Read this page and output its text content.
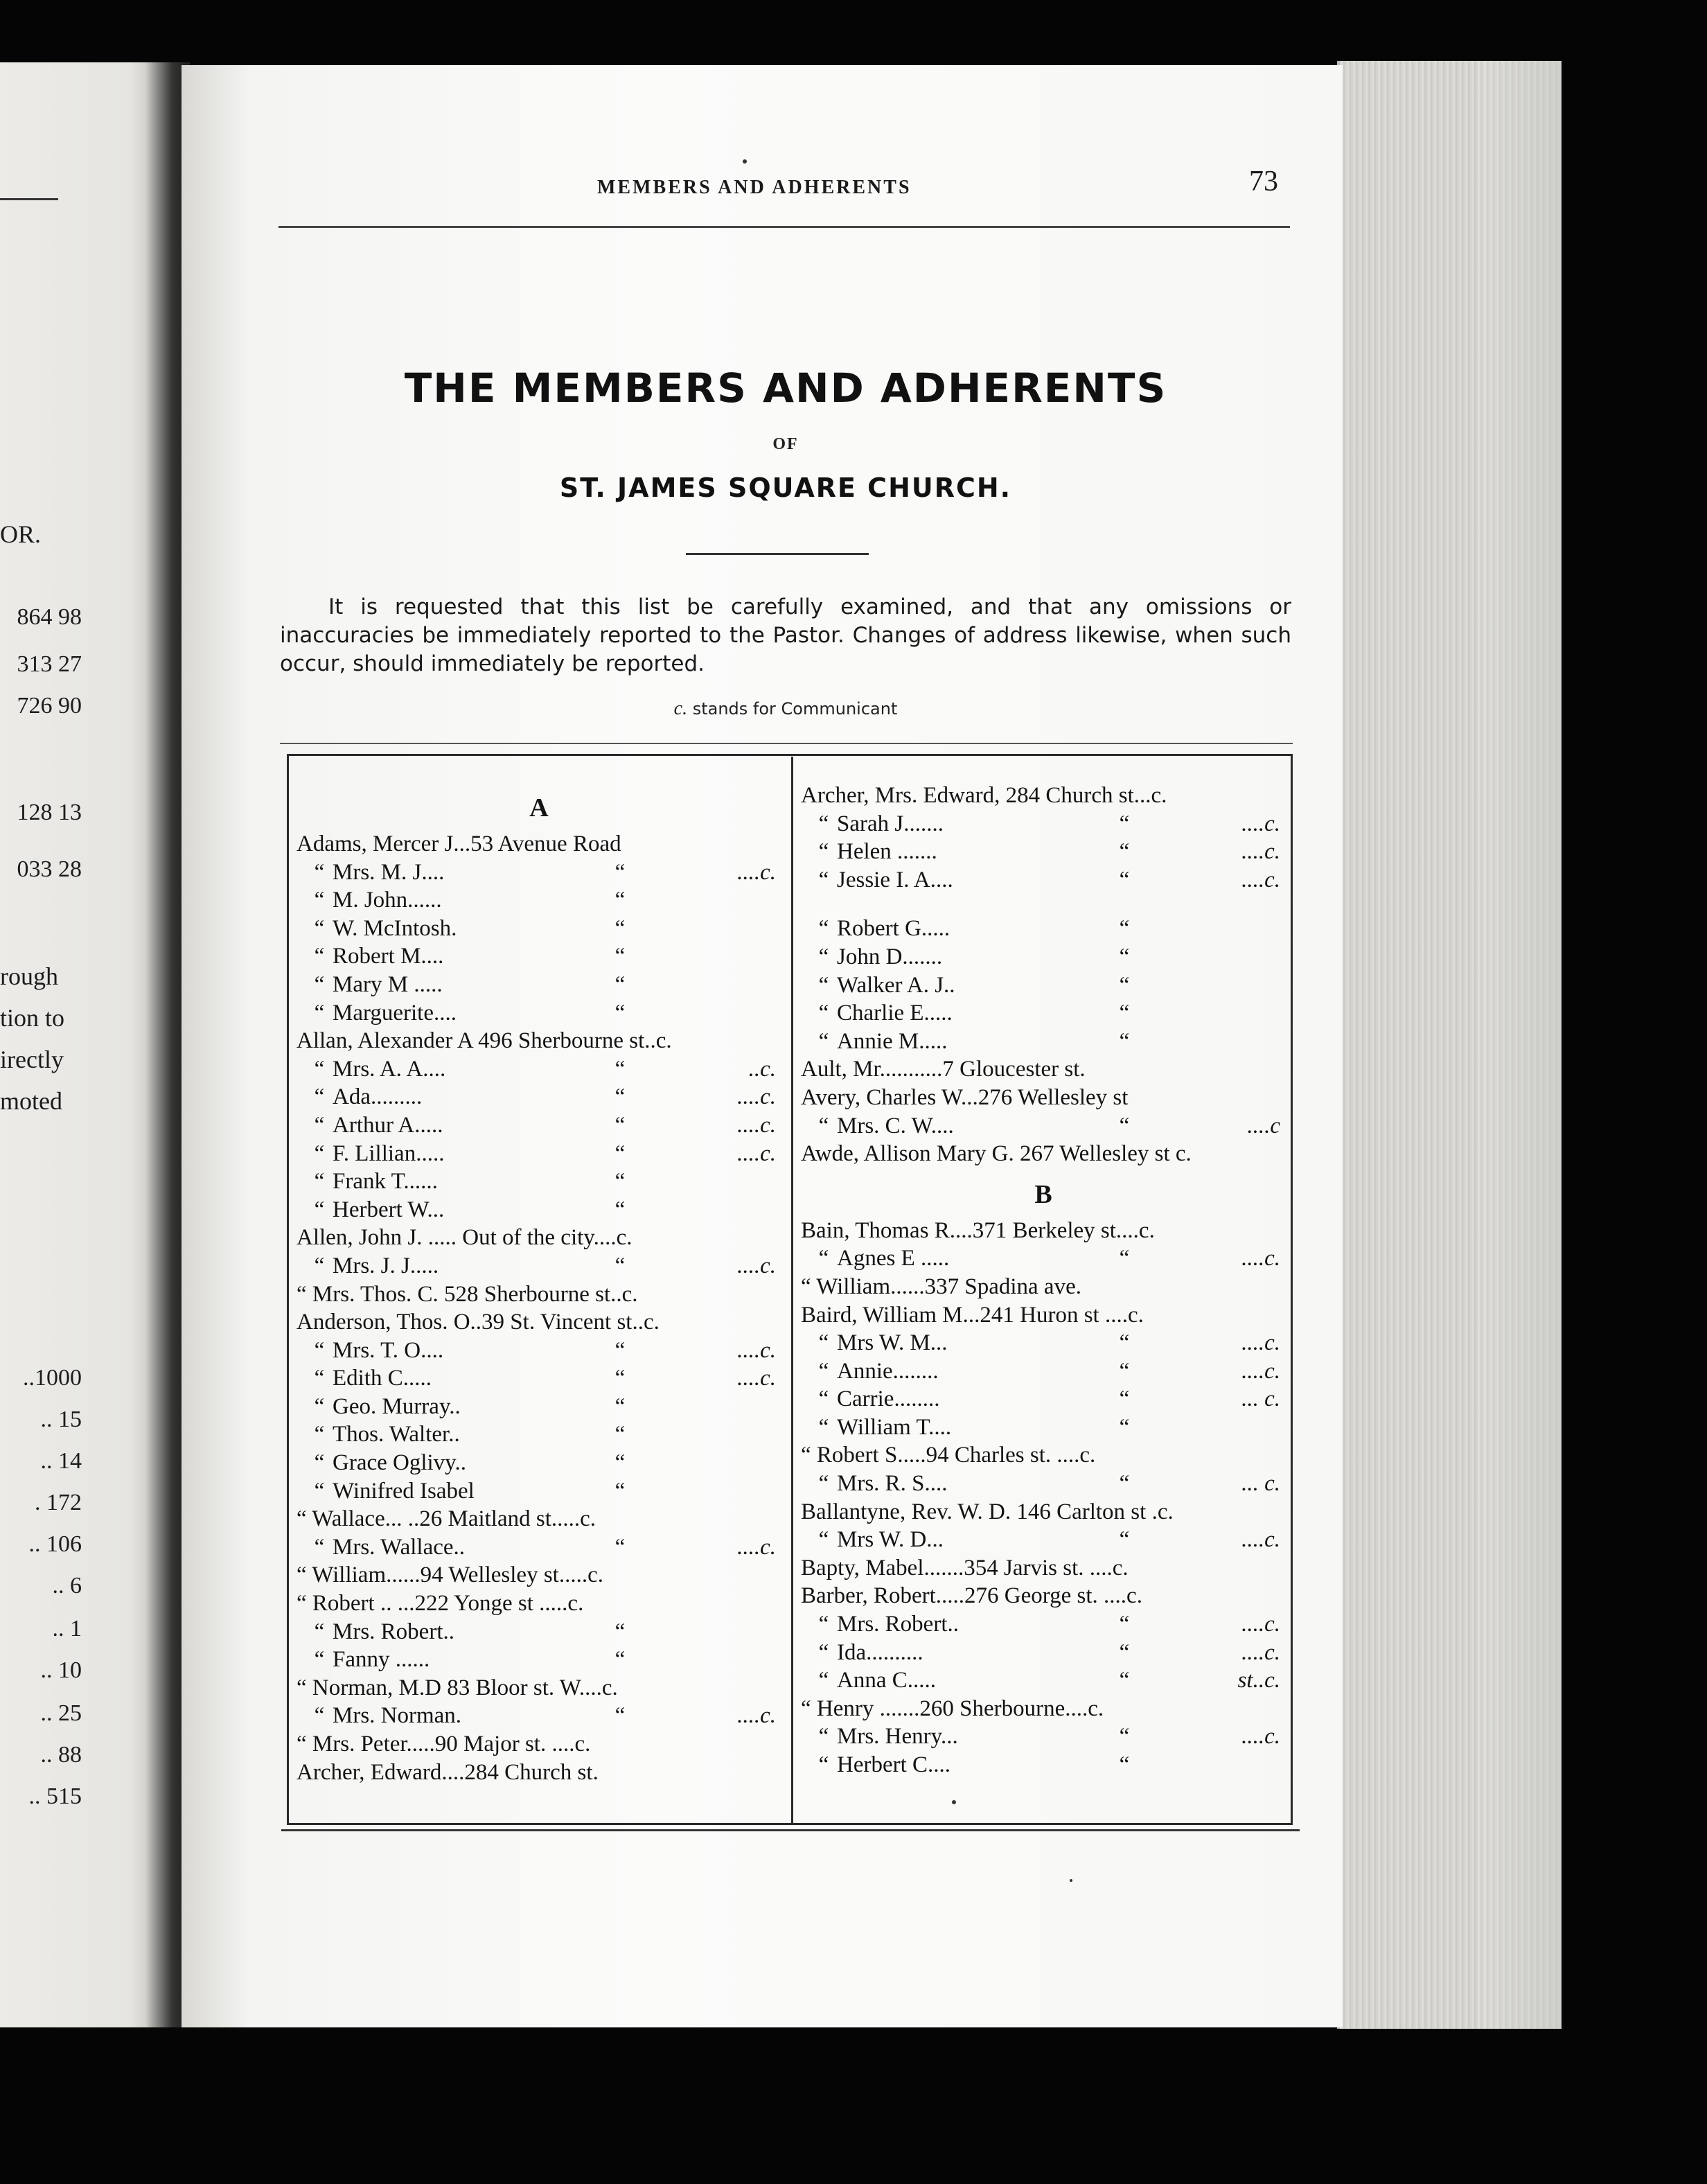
OR.
rough
tion to
irectly
moted
864 98
313 27
726 90
128 13
033 28
..1000
.. 15
.. 14
. 172
.. 106
.. 6
.. 1
.. 10
.. 25
.. 88
.. 515
MEMBERS AND ADHERENTS	73
THE MEMBERS AND ADHERENTS
OF
ST. JAMES SQUARE CHURCH.

It is requested that this list be carefully examined, and that any omissions or inaccuracies be immediately reported to the Pastor. Changes of address likewise, when such occur, should immediately be reported.

c. stands for Communicant
A
Adams, Mercer J...53 Avenue Road
“ Mrs. M. J....	“	....c.
“ M. John......	“
“ W. McIntosh.	“
“ Robert M....	“
“ Mary M .....	“
“ Marguerite....	“
Allan, Alexander A 496 Sherbourne st..c.
“ Mrs. A. A....	“	..c.
“ Ada.........	“	....c.
“ Arthur A.....	“	....c.
“ F. Lillian.....	“	....c.
“ Frank T......	“
“ Herbert W...	“
Allen, John J. ..... Out of the city....c.
“ Mrs. J. J.....	“	....c.
“ Mrs. Thos. C. 528 Sherbourne st..c.
Anderson, Thos. O..39 St. Vincent st..c.
“ Mrs. T. O....	“	....c.
“ Edith C.....	“	....c.
“ Geo. Murray..	“
“ Thos. Walter..	“
“ Grace Oglivy..	“
“ Winifred Isabel	“
“ Wallace... ..26 Maitland st.....c.
“ Mrs. Wallace..	“	....c.
“ William......94 Wellesley st.....c.
“ Robert .. ...222 Yonge st .....c.
“ Mrs. Robert..	“
“ Fanny ......	“
“ Norman, M.D 83 Bloor st. W....c.
“ Mrs. Norman.	“	....c.
“ Mrs. Peter.....90 Major st. ....c.
Archer, Edward....284 Church st.
Archer, Mrs. Edward, 284 Church st...c.
“ Sarah J.......	“	....c.
“ Helen .......	“	....c.
“ Jessie I. A....	“	....c.
“ Robert G.....	“
“ John D.......	“
“ Walker A. J..	“
“ Charlie E.....	“
“ Annie M.....	“
Ault, Mr...........7 Gloucester st.
Avery, Charles W...276 Wellesley st
“ Mrs. C. W....	“	....c
Awde, Allison Mary G. 267 Wellesley st c.
B
Bain, Thomas R....371 Berkeley st....c.
“ Agnes E .....	“	....c.
“ William......337 Spadina ave.
Baird, William M...241 Huron st ....c.
“ Mrs W. M...	“	....c.
“ Annie........	“	....c.
“ Carrie........	“	... c.
“ William T....	“
“ Robert S.....94 Charles st. ....c.
“ Mrs. R. S....	“	... c.
Ballantyne, Rev. W. D. 146 Carlton st .c.
“ Mrs W. D...	“	....c.
Bapty, Mabel.......354 Jarvis st. ....c.
Barber, Robert.....276 George st. ....c.
“ Mrs. Robert..	“	....c.
“ Ida..........	“	....c.
“ Anna C.....	“	st..c.
“ Henry .......260 Sherbourne....c.
“ Mrs. Henry...	“	....c.
“ Herbert C....	“
